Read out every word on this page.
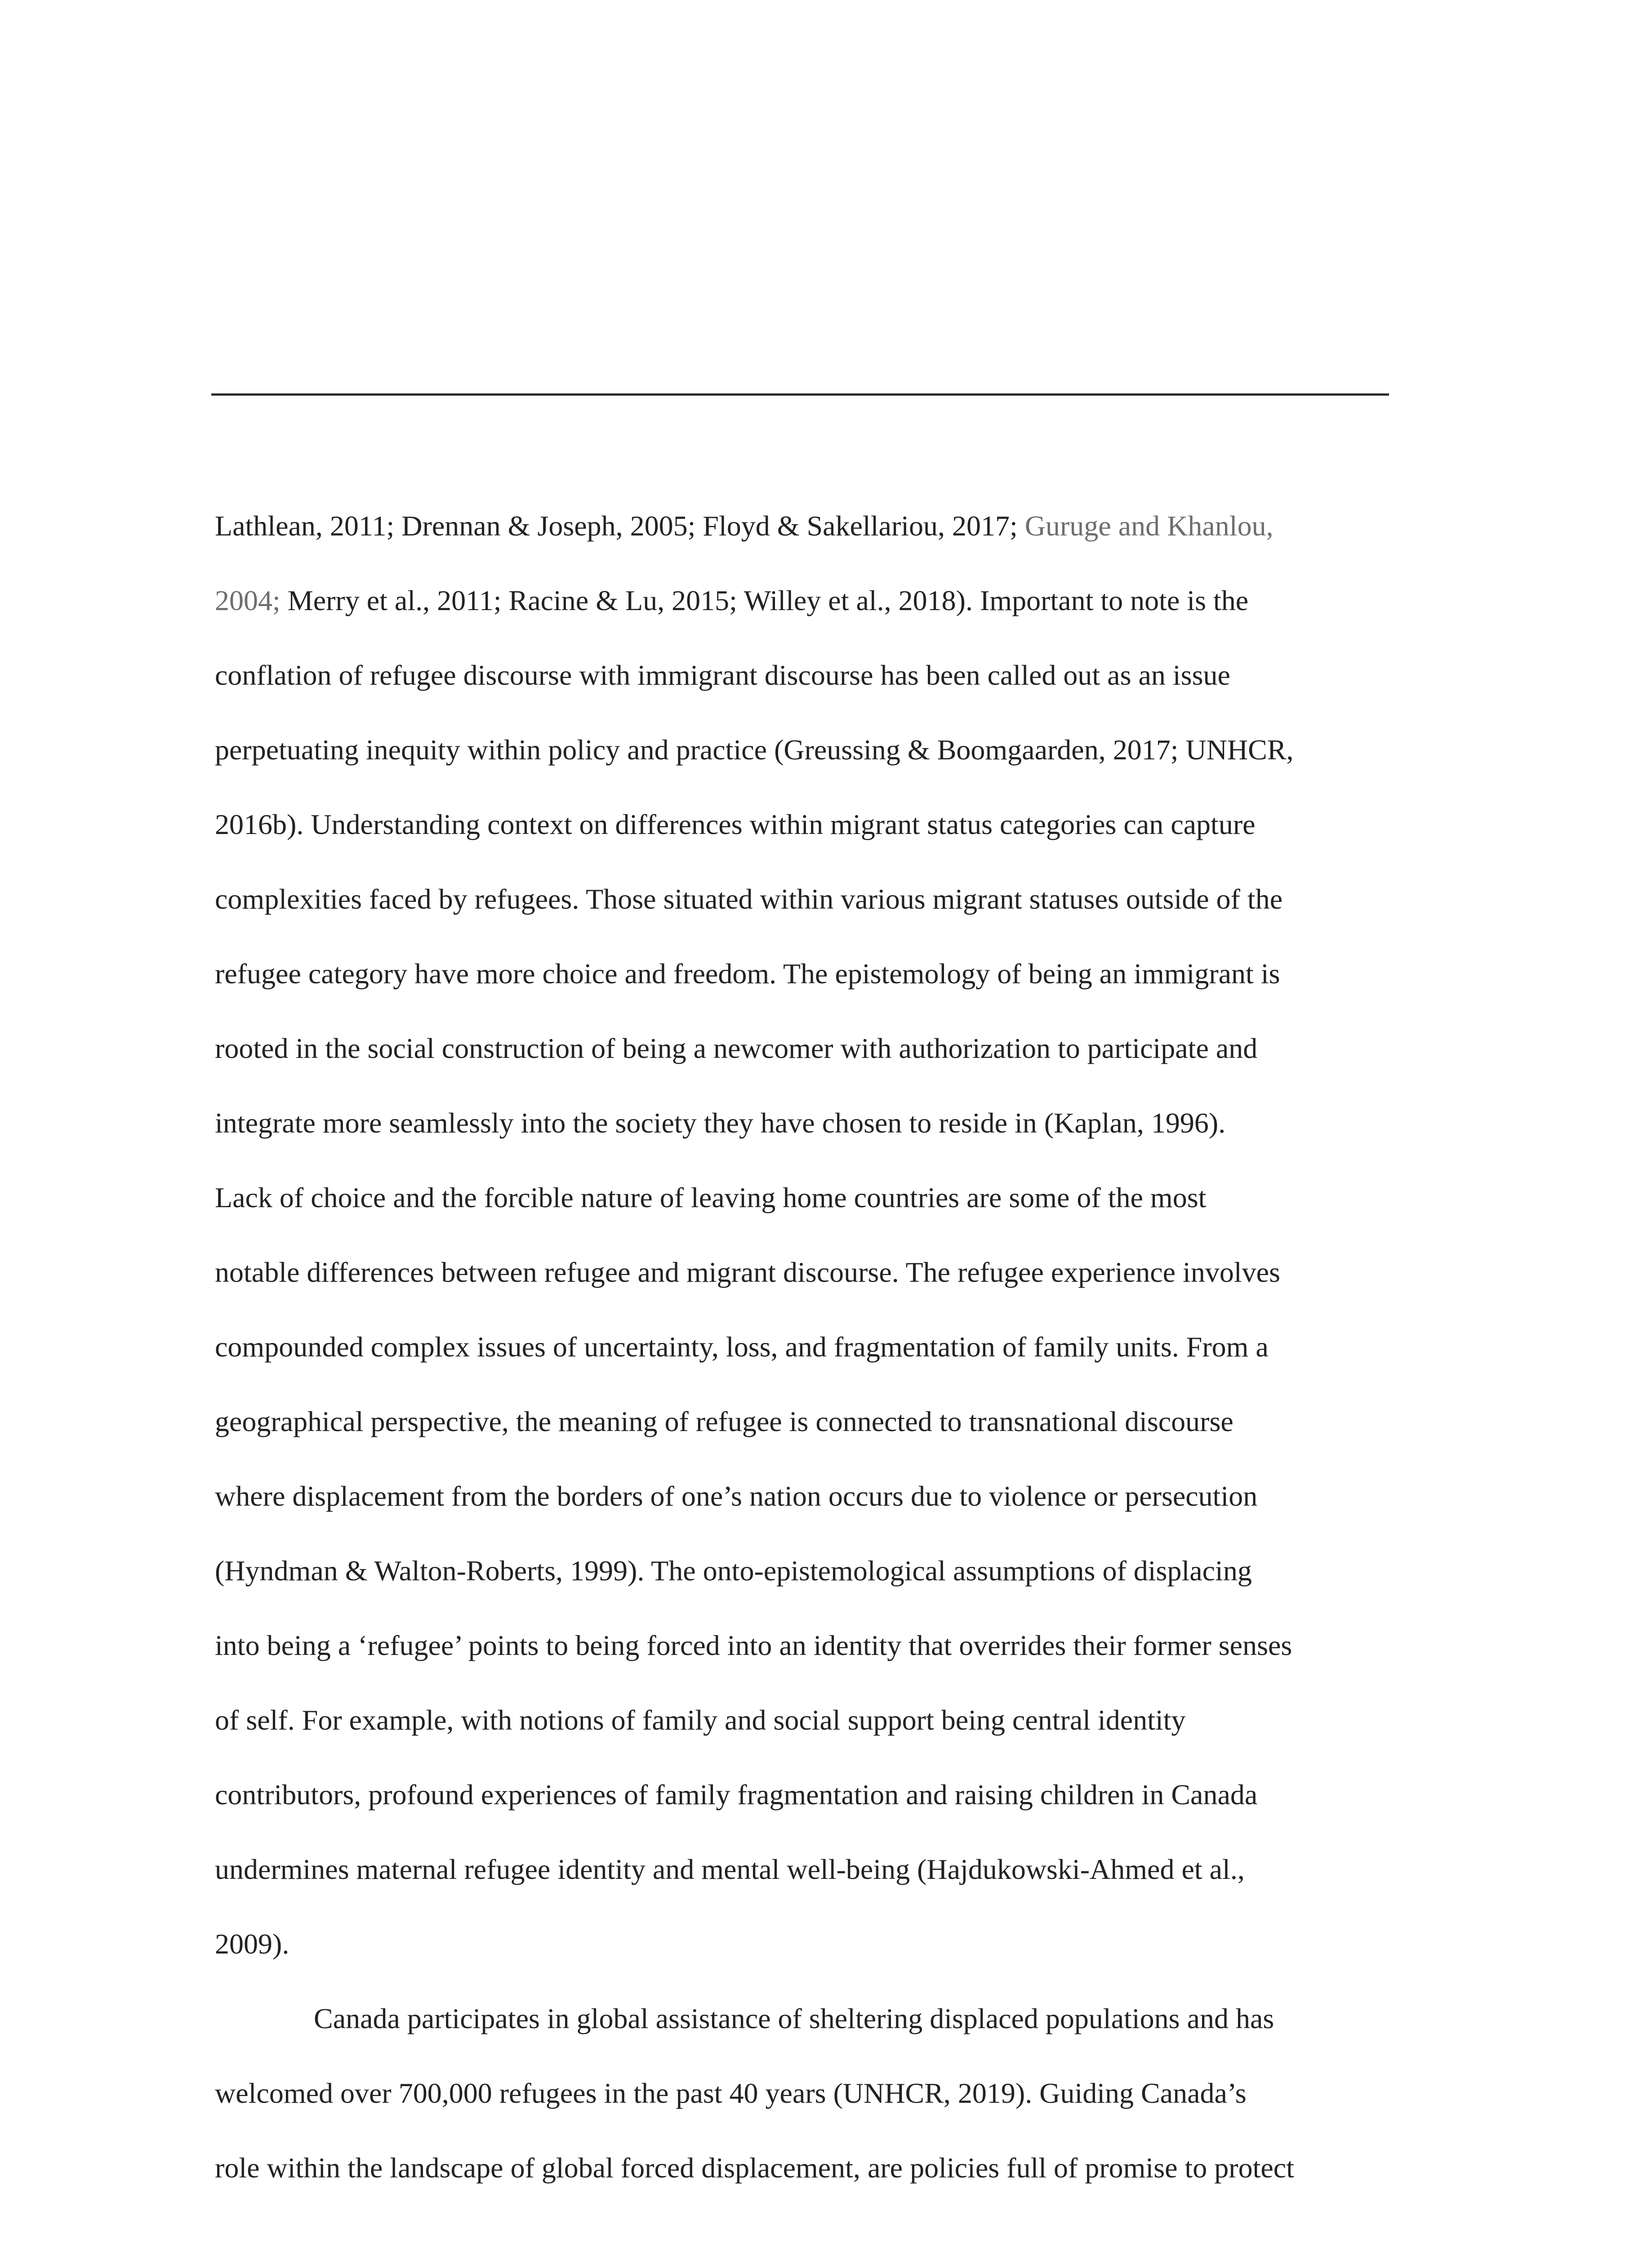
Lathlean, 2011; Drennan & Joseph, 2005; Floyd & Sakellariou, 2017; Guruge and Khanlou,
2004; Merry et al., 2011; Racine & Lu, 2015; Willey et al., 2018). Important to note is the
conflation of refugee discourse with immigrant discourse has been called out as an issue
perpetuating inequity within policy and practice (Greussing & Boomgaarden, 2017; UNHCR,
2016b). Understanding context on differences within migrant status categories can capture
complexities faced by refugees. Those situated within various migrant statuses outside of the
refugee category have more choice and freedom. The epistemology of being an immigrant is
rooted in the social construction of being a newcomer with authorization to participate and
integrate more seamlessly into the society they have chosen to reside in (Kaplan, 1996).
Lack of choice and the forcible nature of leaving home countries are some of the most
notable differences between refugee and migrant discourse. The refugee experience involves
compounded complex issues of uncertainty, loss, and fragmentation of family units. From a
geographical perspective, the meaning of refugee is connected to transnational discourse
where displacement from the borders of one’s nation occurs due to violence or persecution
(Hyndman & Walton-Roberts, 1999). The onto-epistemological assumptions of displacing
into being a ‘refugee’ points to being forced into an identity that overrides their former senses
of self. For example, with notions of family and social support being central identity
contributors, profound experiences of family fragmentation and raising children in Canada
undermines maternal refugee identity and mental well-being (Hajdukowski-Ahmed et al.,
2009).
Canada participates in global assistance of sheltering displaced populations and has
welcomed over 700,000 refugees in the past 40 years (UNHCR, 2019). Guiding Canada’s
role within the landscape of global forced displacement, are policies full of promise to protect
